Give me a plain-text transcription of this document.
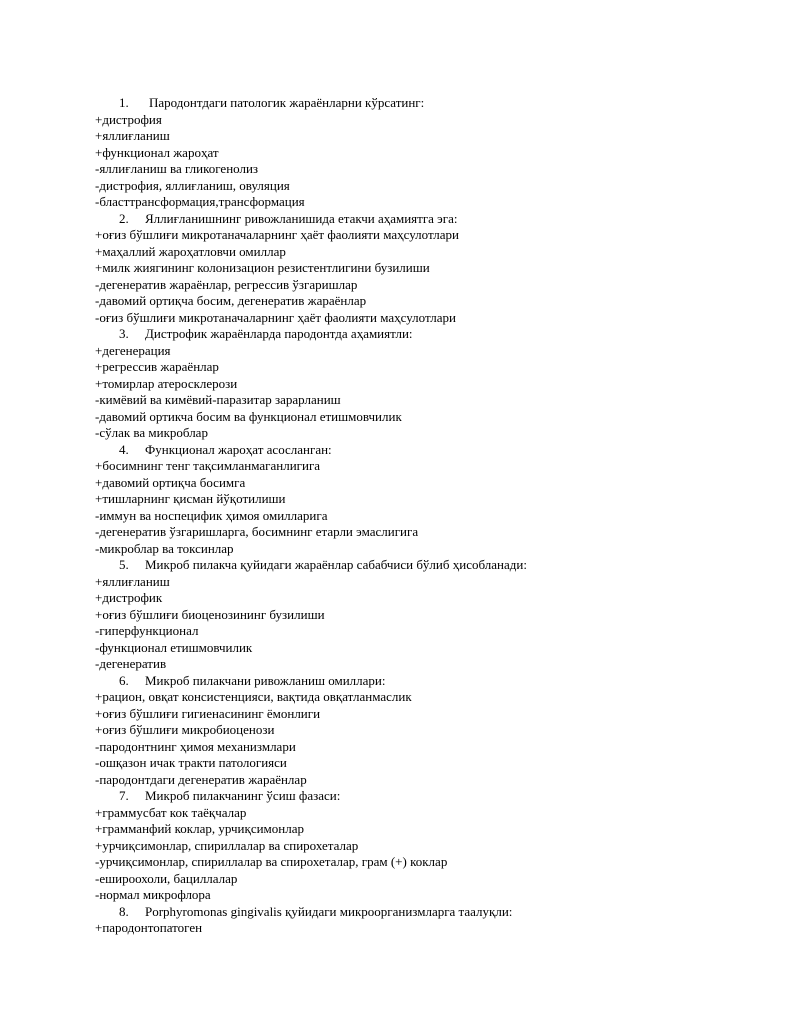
1. Пародонтдаги патологик жараёнларни кўрсатинг:
+дистрофия
+яллиғланиш
+функционал жароҳат
-яллиғланиш ва гликогенолиз
-дистрофия, яллиғланиш, овуляция
-бласттрансформация,трансформация
2. Яллиғланишнинг ривожланишида етакчи аҳамиятга эга:
+оғиз бўшлиғи микротаначаларнинг ҳаёт фаолияти маҳсулотлари
+маҳаллий жароҳатловчи омиллар
+милк жиягининг колонизацион резистентлигини бузилиши
-дегенератив жараёнлар, регрессив ўзгаришлар
-давомий ортиқча босим, дегенератив жараёнлар
-оғиз бўшлиғи микротаначаларнинг ҳаёт фаолияти маҳсулотлари
3. Дистрофик жараёнларда пародонтда аҳамиятли:
+дегенерация
+регрессив жараёнлар
+томирлар атеросклерози
-кимёвий ва кимёвий-паразитар зарарланиш
-давомий ортикча босим ва функционал етишмовчилик
-сўлак ва микроблар
4. Функционал жароҳат асосланган:
+босимнинг тенг тақсимланмаганлигига
+давомий ортиқча босимга
+тишларнинг қисман йўқотилиши
-иммун ва носпецифик ҳимоя омилларига
-дегенератив ўзгаришларга, босимнинг етарли эмаслигига
-микроблар ва токсинлар
5. Микроб пилакча қуйидаги жараёнлар сабабчиси бўлиб ҳисобланади:
+яллиғланиш
+дистрофик
+оғиз бўшлиғи биоценозининг бузилиши
-гиперфункционал
-функционал етишмовчилик
-дегенератив
6. Микроб пилакчани ривожланиш омиллари:
+рацион, овқат консистенцияси, вақтида овқатланмаслик
+оғиз бўшлиғи гигиенасининг ёмонлиги
+оғиз бўшлиғи микробиоценози
-пародонтнинг ҳимоя механизмлари
-ошқазон ичак тракти патологияси
-пародонтдаги дегенератив жараёнлар
7. Микроб пилакчанинг ўсиш фазаси:
+граммусбат кок таёқчалар
+грамманфий коклар, урчиқсимонлар
+урчиқсимонлар, спириллалар ва спирохеталар
-урчиқсимонлар, спириллалар ва спирохеталар, грам (+) коклар
-ешироохоли, бациллалар
-нормал микрофлора
8. Porphyromonas gingivalis қуйидаги микроорганизмларга таалуқли:
+пародонтопатоген
